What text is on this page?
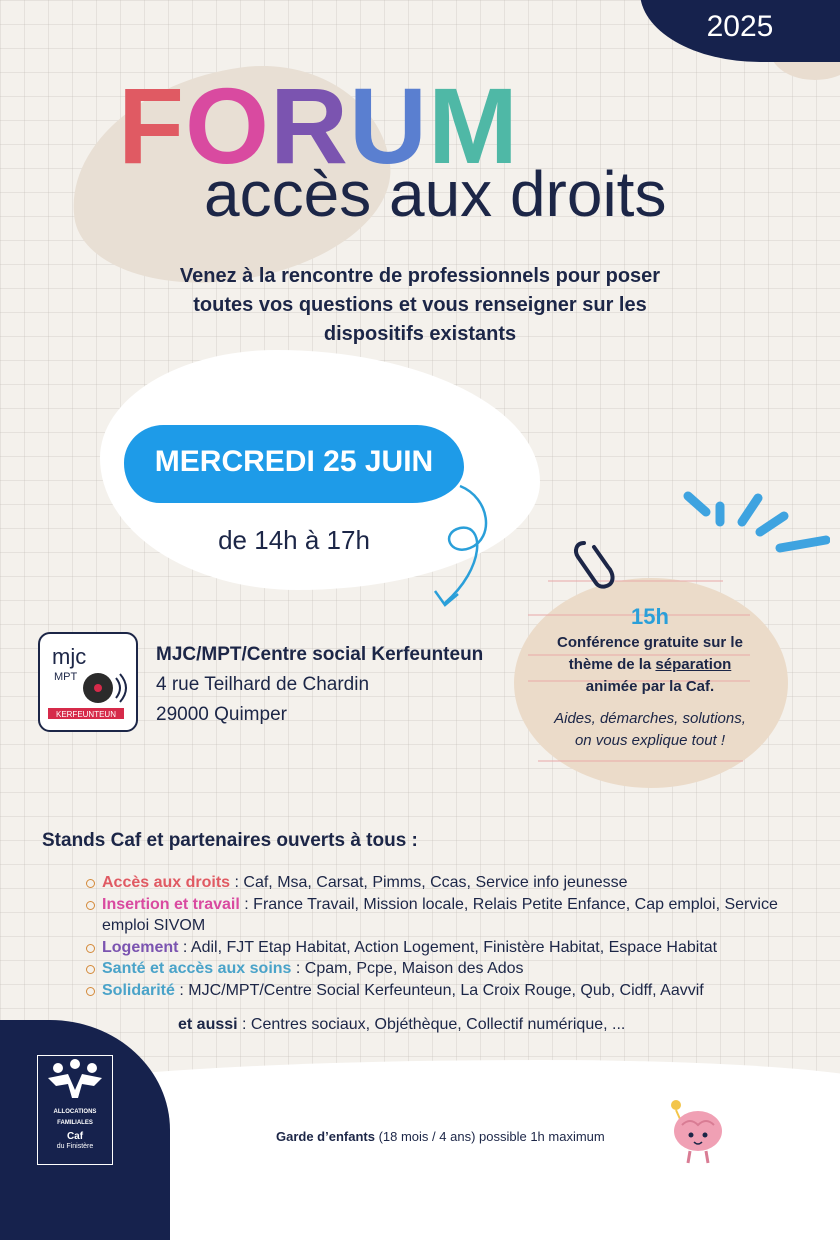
2025
FORUM
accès aux droits
Venez à la rencontre de professionnels pour poser toutes vos questions et vous renseigner sur les dispositifs existants
MERCREDI 25 JUIN
de 14h à 17h
mjc
MPT
KERFEUNTEUN
MJC/MPT/Centre social Kerfeunteun
4 rue Teilhard de Chardin
29000 Quimper
15h
Conférence gratuite sur le
thème de la séparation
animée par la Caf.
Aides, démarches, solutions,
on vous explique tout !
Stands Caf et partenaires ouverts à tous :
Accès aux droits : Caf, Msa, Carsat, Pimms, Ccas, Service info jeunesse
Insertion et travail : France Travail, Mission locale, Relais Petite Enfance, Cap emploi, Service emploi SIVOM
Logement : Adil, FJT Etap Habitat, Action Logement, Finistère Habitat, Espace Habitat
Santé et accès aux soins : Cpam, Pcpe, Maison des Ados
Solidarité : MJC/MPT/Centre Social Kerfeunteun, La Croix Rouge, Qub, Cidff, Aavvif
et aussi : Centres sociaux, Objéthèque, Collectif numérique, ...
ALLOCATIONS
FAMILIALES
Caf
du Finistère
Garde d’enfants (18 mois / 4 ans) possible 1h maximum
